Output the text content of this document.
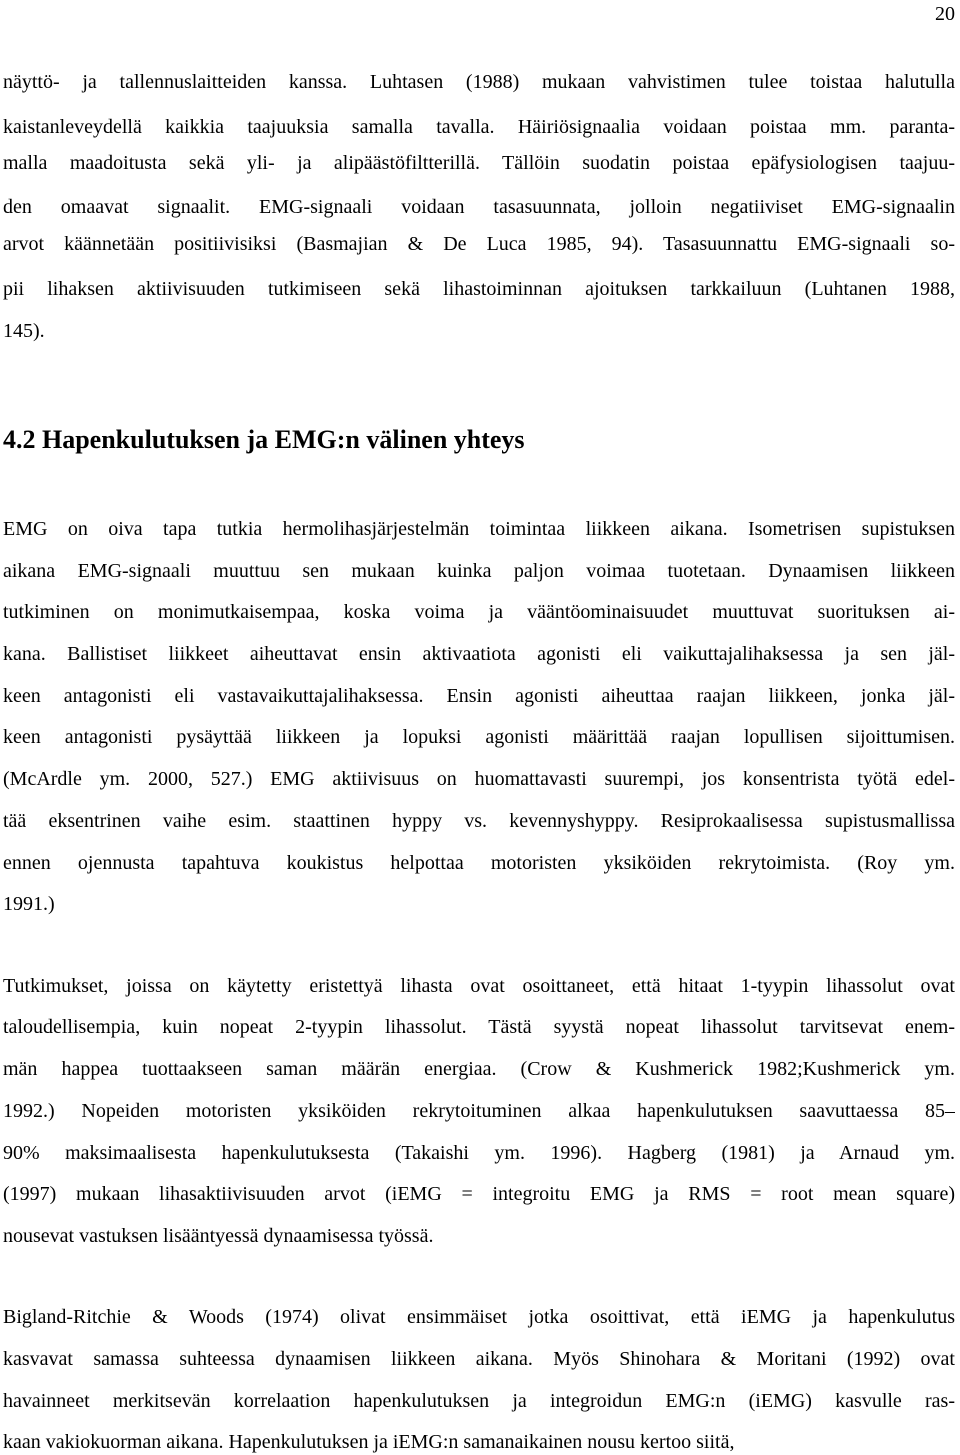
20
näyttö- ja tallennuslaitteiden kanssa. Luhtasen (1988) mukaan vahvistimen tulee toistaa halutulla
kaistanleveydellä kaikkia taajuuksia samalla tavalla. Häiriösignaalia voidaan poistaa mm. paranta-
malla maadoitusta sekä yli- ja alipäästöfiltterillä. Tällöin suodatin poistaa epäfysiologisen taajuu-
den omaavat signaalit. EMG-signaali voidaan tasasuunnata, jolloin negatiiviset EMG-signaalin
arvot käännetään positiivisiksi (Basmajian & De Luca 1985, 94). Tasasuunnattu EMG-signaali so-
pii lihaksen aktiivisuuden tutkimiseen sekä lihastoiminnan ajoituksen tarkkailuun (Luhtanen 1988,
145).
4.2 Hapenkulutuksen ja EMG:n välinen yhteys
EMG on oiva tapa tutkia hermolihasjärjestelmän toimintaa liikkeen aikana. Isometrisen supistuksen
aikana EMG-signaali muuttuu sen mukaan kuinka paljon voimaa tuotetaan. Dynaamisen liikkeen
tutkiminen on monimutkaisempaa, koska voima ja vääntöominaisuudet muuttuvat suorituksen ai-
kana. Ballistiset liikkeet aiheuttavat ensin aktivaatiota agonisti eli vaikuttajalihaksessa ja sen jäl-
keen antagonisti eli vastavaikuttajalihaksessa. Ensin agonisti aiheuttaa raajan liikkeen, jonka jäl-
keen antagonisti pysäyttää liikkeen ja lopuksi agonisti määrittää raajan lopullisen sijoittumisen.
(McArdle ym. 2000, 527.) EMG aktiivisuus on huomattavasti suurempi, jos konsentrista työtä edel-
tää eksentrinen vaihe esim. staattinen hyppy vs. kevennyshyppy. Resiprokaalisessa supistusmallissa
ennen ojennusta tapahtuva koukistus helpottaa motoristen yksiköiden rekrytoimista. (Roy ym.
1991.)
Tutkimukset, joissa on käytetty eristettyä lihasta ovat osoittaneet, että hitaat 1-tyypin lihassolut ovat
taloudellisempia, kuin nopeat 2-tyypin lihassolut. Tästä syystä nopeat lihassolut tarvitsevat enem-
män happea tuottaakseen saman määrän energiaa. (Crow & Kushmerick 1982;Kushmerick ym.
1992.) Nopeiden motoristen yksiköiden rekrytoituminen alkaa hapenkulutuksen saavuttaessa 85–
90% maksimaalisesta hapenkulutuksesta (Takaishi ym. 1996). Hagberg (1981) ja Arnaud ym.
(1997) mukaan lihasaktiivisuuden arvot (iEMG = integroitu EMG ja RMS = root mean square)
nousevat vastuksen lisääntyessä dynaamisessa työssä.
Bigland-Ritchie & Woods (1974) olivat ensimmäiset jotka osoittivat, että iEMG ja hapenkulutus
kasvavat samassa suhteessa dynaamisen liikkeen aikana. Myös Shinohara & Moritani (1992) ovat
havainneet merkitsevän korrelaation hapenkulutuksen ja integroidun EMG:n (iEMG) kasvulle ras-
kaan vakiokuorman aikana. Hapenkulutuksen ja iEMG:n samanaikainen nousu kertoo siitä,
